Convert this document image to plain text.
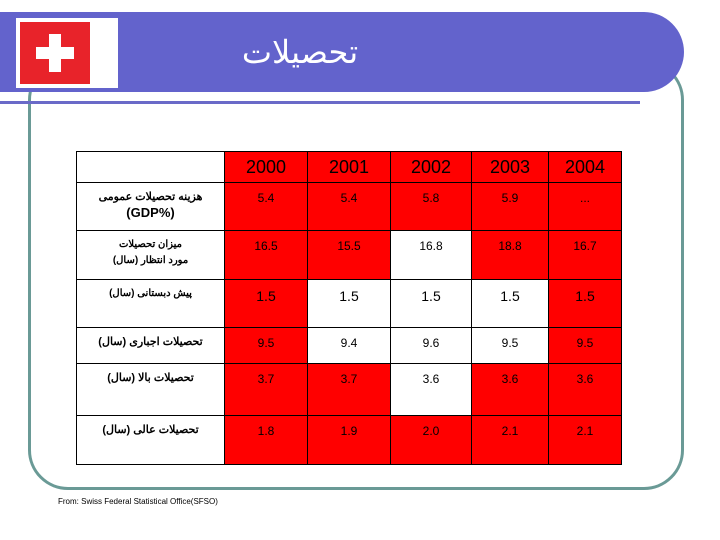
تحصیلات
	2000	2001	2002	2003	2004

هزینه تحصیلات عمومی
(%GDP)	5.4	5.4	5.8	5.9	...

میزان تحصیلات
مورد انتظار (سال)	16.5	15.5	16.8	18.8	16.7

پیش دبستانی (سال)	1.5	1.5	1.5	1.5	1.5

تحصیلات اجباری (سال)	9.5	9.4	9.6	9.5	9.5

تحصیلات بالا (سال)	3.7	3.7	3.6	3.6	3.6

تحصیلات عالی (سال)	1.8	1.9	2.0	2.1	2.1
From: Swiss Federal Statistical Office(SFSO)
